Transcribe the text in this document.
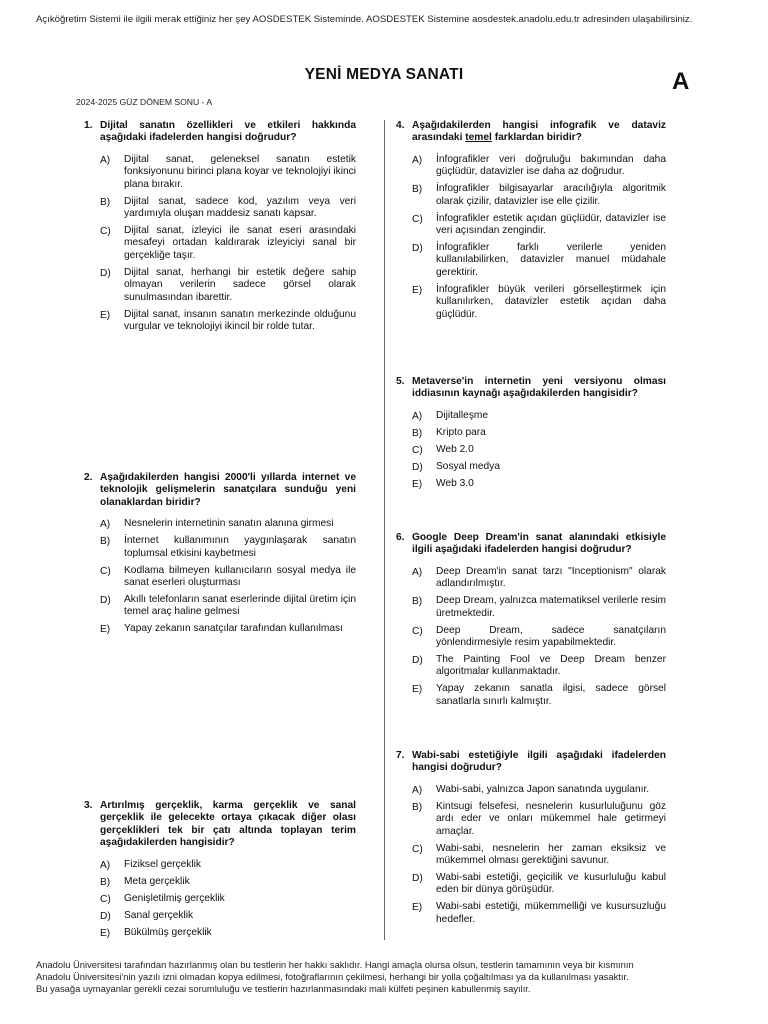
Açıköğretim Sistemi ile ilgili merak ettiğiniz her şey AOSDESTEK Sisteminde. AOSDESTEK Sistemine aosdestek.anadolu.edu.tr adresinden ulaşabilirsiniz.
YENİ MEDYA SANATI	A
2024-2025 GÜZ DÖNEM SONU - A
1. Dijital sanatın özellikleri ve etkileri hakkında aşağıdaki ifadelerden hangisi doğrudur?
A) Dijital sanat, geleneksel sanatın estetik fonksiyonunu birinci plana koyar ve teknolojiyi ikinci plana bırakır.
B) Dijital sanat, sadece kod, yazılım veya veri yardımıyla oluşan maddesiz sanatı kapsar.
C) Dijital sanat, izleyici ile sanat eseri arasındaki mesafeyi ortadan kaldırarak izleyiciyi sanal bir gerçekliğe taşır.
D) Dijital sanat, herhangi bir estetik değere sahip olmayan verilerin sadece görsel olarak sunulmasından ibarettir.
E) Dijital sanat, insanın sanatın merkezinde olduğunu vurgular ve teknolojiyi ikincil bir rolde tutar.
2. Aşağıdakilerden hangisi 2000'li yıllarda internet ve teknolojik gelişmelerin sanatçılara sunduğu yeni olanaklardan biridir?
A) Nesnelerin internetinin sanatın alanına girmesi
B) İnternet kullanımının yaygınlaşarak sanatın toplumsal etkisini kaybetmesi
C) Kodlama bilmeyen kullanıcıların sosyal medya ile sanat eserleri oluşturması
D) Akıllı telefonların sanat eserlerinde dijital üretim için temel araç haline gelmesi
E) Yapay zekanın sanatçılar tarafından kullanılması
3. Artırılmış gerçeklik, karma gerçeklik ve sanal gerçeklik ile gelecekte ortaya çıkacak diğer olası gerçeklikleri tek bir çatı altında toplayan terim aşağıdakilerden hangisidir?
A) Fiziksel gerçeklik
B) Meta gerçeklik
C) Genişletilmiş gerçeklik
D) Sanal gerçeklik
E) Bükülmüş gerçeklik
4. Aşağıdakilerden hangisi infografik ve dataviz arasındaki temel farklardan biridir?
A) İnfografikler veri doğruluğu bakımından daha güçlüdür, datavizler ise daha az doğrudur.
B) İnfografikler bilgisayarlar aracılığıyla algoritmik olarak çizilir, datavizler ise elle çizilir.
C) İnfografikler estetik açıdan güçlüdür, datavizler ise veri açısından zengindir.
D) İnfografikler farklı verilerle yeniden kullanılabilirken, datavizler manuel müdahale gerektirir.
E) İnfografikler büyük verileri görselleştirmek için kullanılırken, datavizler estetik açıdan daha güçlüdür.
5. Metaverse'in internetin yeni versiyonu olması iddiasının kaynağı aşağıdakilerden hangisidir?
A) Dijitalleşme
B) Kripto para
C) Web 2.0
D) Sosyal medya
E) Web 3.0
6. Google Deep Dream'in sanat alanındaki etkisiyle ilgili aşağıdaki ifadelerden hangisi doğrudur?
A) Deep Dream'in sanat tarzı "Inceptionism" olarak adlandırılmıştır.
B) Deep Dream, yalnızca matematiksel verilerle resim üretmektedir.
C) Deep Dream, sadece sanatçıların yönlendirmesiyle resim yapabilmektedir.
D) The Painting Fool ve Deep Dream benzer algoritmalar kullanmaktadır.
E) Yapay zekanın sanatla ilgisi, sadece görsel sanatlarla sınırlı kalmıştır.
7. Wabi-sabi estetiğiyle ilgili aşağıdaki ifadelerden hangisi doğrudur?
A) Wabi-sabi, yalnızca Japon sanatında uygulanır.
B) Kintsugi felsefesi, nesnelerin kusurluluğunu göz ardı eder ve onları mükemmel hale getirmeyi amaçlar.
C) Wabi-sabi, nesnelerin her zaman eksiksiz ve mükemmel olması gerektiğini savunur.
D) Wabi-sabi estetiği, geçicilik ve kusurluluğu kabul eden bir dünya görüşüdür.
E) Wabi-sabi estetiği, mükemmelliği ve kusursuzluğu hedefler.
Anadolu Üniversitesi tarafından hazırlanmış olan bu testlerin her hakkı saklıdır. Hangi amaçla olursa olsun, testlerin tamamının veya bir kısmının
Anadolu Üniversitesi'nin yazılı izni olmadan kopya edilmesi, fotoğraflarının çekilmesi, herhangi bir yolla çoğaltılması ya da kullanılması yasaktır.
Bu yasağa uymayanlar gerekli cezai sorumluluğu ve testlerin hazırlanmasındaki mali külfeti peşinen kabullenmiş sayılır.
